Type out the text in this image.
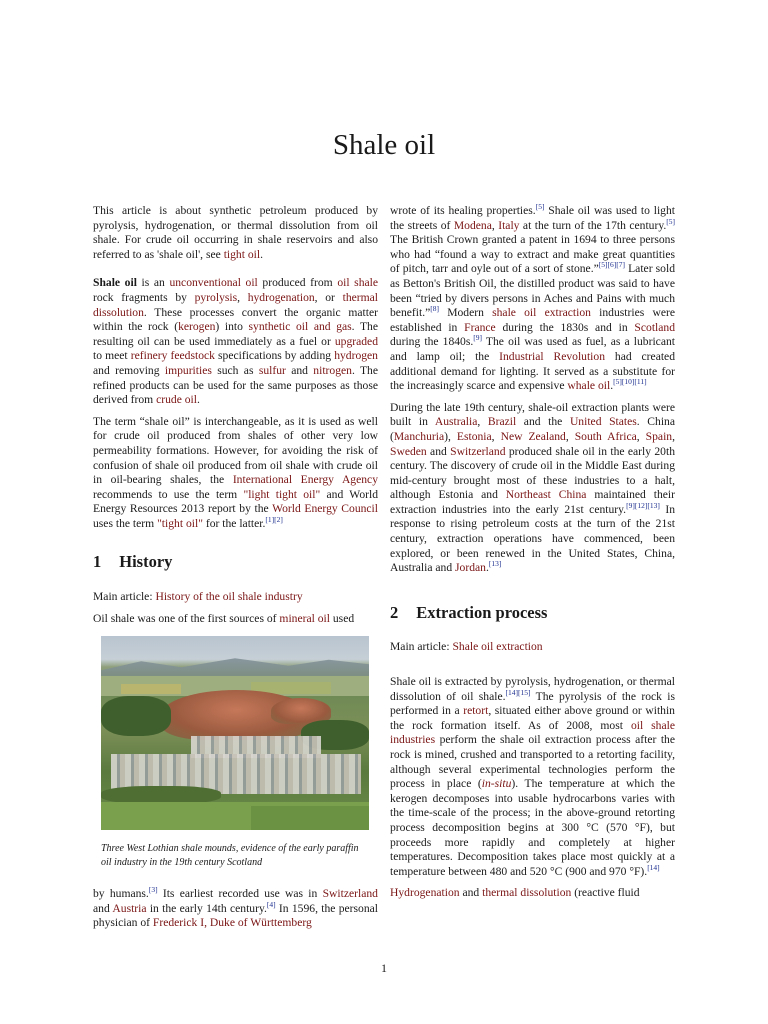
Shale oil

This article is about synthetic petroleum produced by pyrolysis, hydrogenation, or thermal dissolution from oil shale. For crude oil occurring in shale reservoirs and also referred to as 'shale oil', see tight oil.

Shale oil is an unconventional oil produced from oil shale rock fragments by pyrolysis, hydrogenation, or thermal dissolution. These processes convert the organic matter within the rock (kerogen) into synthetic oil and gas. The resulting oil can be used immediately as a fuel or upgraded to meet refinery feedstock specifications by adding hydrogen and removing impurities such as sulfur and nitrogen. The refined products can be used for the same purposes as those derived from crude oil.

The term “shale oil” is interchangeable, as it is used as well for crude oil produced from shales of other very low permeability formations. However, for avoiding the risk of confusion of shale oil produced from oil shale with crude oil in oil-bearing shales, the International Energy Agency recommends to use the term "light tight oil" and World Energy Resources 2013 report by the World Energy Council uses the term "tight oil" for the latter.[1][2]

1 History

Main article: History of the oil shale industry

Oil shale was one of the first sources of mineral oil used

Three West Lothian shale mounds, evidence of the early paraffin oil industry in the 19th century Scotland

by humans.[3] Its earliest recorded use was in Switzerland and Austria in the early 14th century.[4] In 1596, the personal physician of Frederick I, Duke of Württemberg

wrote of its healing properties.[5] Shale oil was used to light the streets of Modena, Italy at the turn of the 17th century.[5] The British Crown granted a patent in 1694 to three persons who had “found a way to extract and make great quantities of pitch, tarr and oyle out of a sort of stone.”[5][6][7] Later sold as Betton's British Oil, the distilled product was said to have been “tried by divers persons in Aches and Pains with much benefit.”[8] Modern shale oil extraction industries were established in France during the 1830s and in Scotland during the 1840s.[9] The oil was used as fuel, as a lubricant and lamp oil; the Industrial Revolution had created additional demand for lighting. It served as a substitute for the increasingly scarce and expensive whale oil.[5][10][11]

During the late 19th century, shale-oil extraction plants were built in Australia, Brazil and the United States. China (Manchuria), Estonia, New Zealand, South Africa, Spain, Sweden and Switzerland produced shale oil in the early 20th century. The discovery of crude oil in the Middle East during mid-century brought most of these industries to a halt, although Estonia and Northeast China maintained their extraction industries into the early 21st century.[9][12][13] In response to rising petroleum costs at the turn of the 21st century, extraction operations have commenced, been explored, or been renewed in the United States, China, Australia and Jordan.[13]

2 Extraction process

Main article: Shale oil extraction

Shale oil is extracted by pyrolysis, hydrogenation, or thermal dissolution of oil shale.[14][15] The pyrolysis of the rock is performed in a retort, situated either above ground or within the rock formation itself. As of 2008, most oil shale industries perform the shale oil extraction process after the rock is mined, crushed and transported to a retorting facility, although several experimental technologies perform the process in place (in-situ). The temperature at which the kerogen decomposes into usable hydrocarbons varies with the time-scale of the process; in the above-ground retorting process decomposition begins at 300 °C (570 °F), but proceeds more rapidly and completely at higher temperatures. Decomposition takes place most quickly at a temperature between 480 and 520 °C (900 and 970 °F).[14]

Hydrogenation and thermal dissolution (reactive fluid

1
